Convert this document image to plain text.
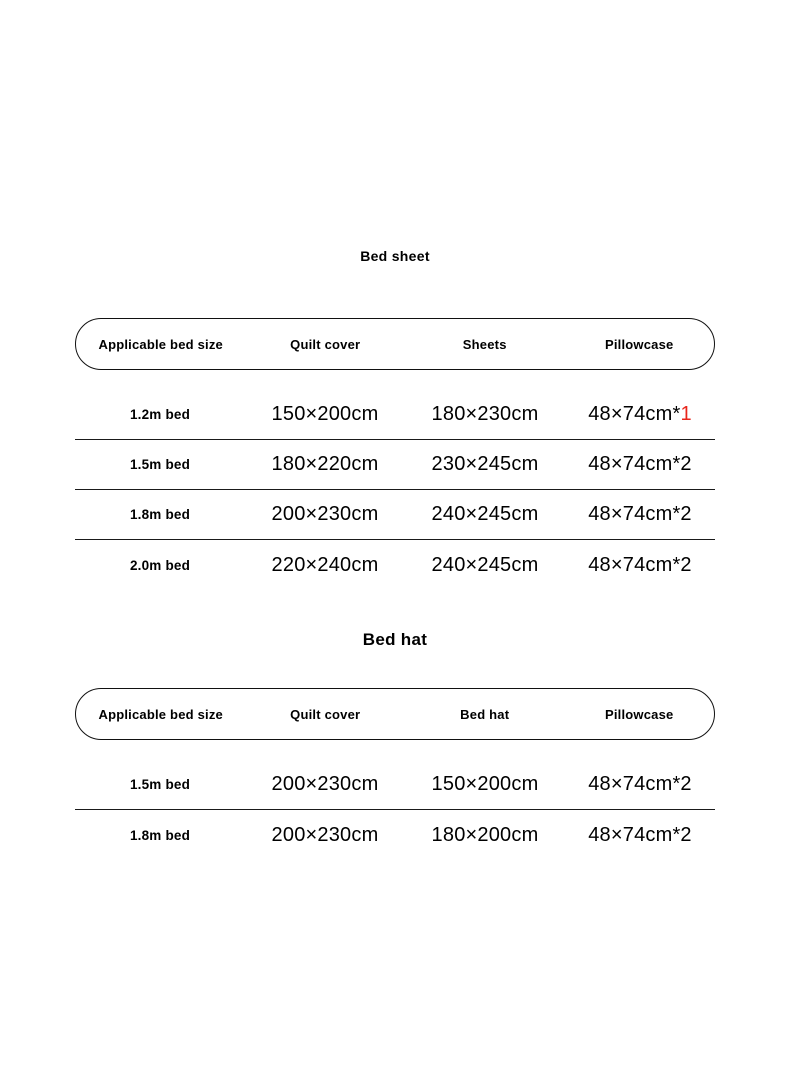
Bed sheet
Applicable bed size	Quilt cover	Sheets	Pillowcase
1.2m bed	150×200cm	180×230cm	48×74cm*1
1.5m bed	180×220cm	230×245cm	48×74cm*2
1.8m bed	200×230cm	240×245cm	48×74cm*2
2.0m bed	220×240cm	240×245cm	48×74cm*2
Bed hat
Applicable bed size	Quilt cover	Bed hat	Pillowcase
1.5m bed	200×230cm	150×200cm	48×74cm*2
1.8m bed	200×230cm	180×200cm	48×74cm*2
